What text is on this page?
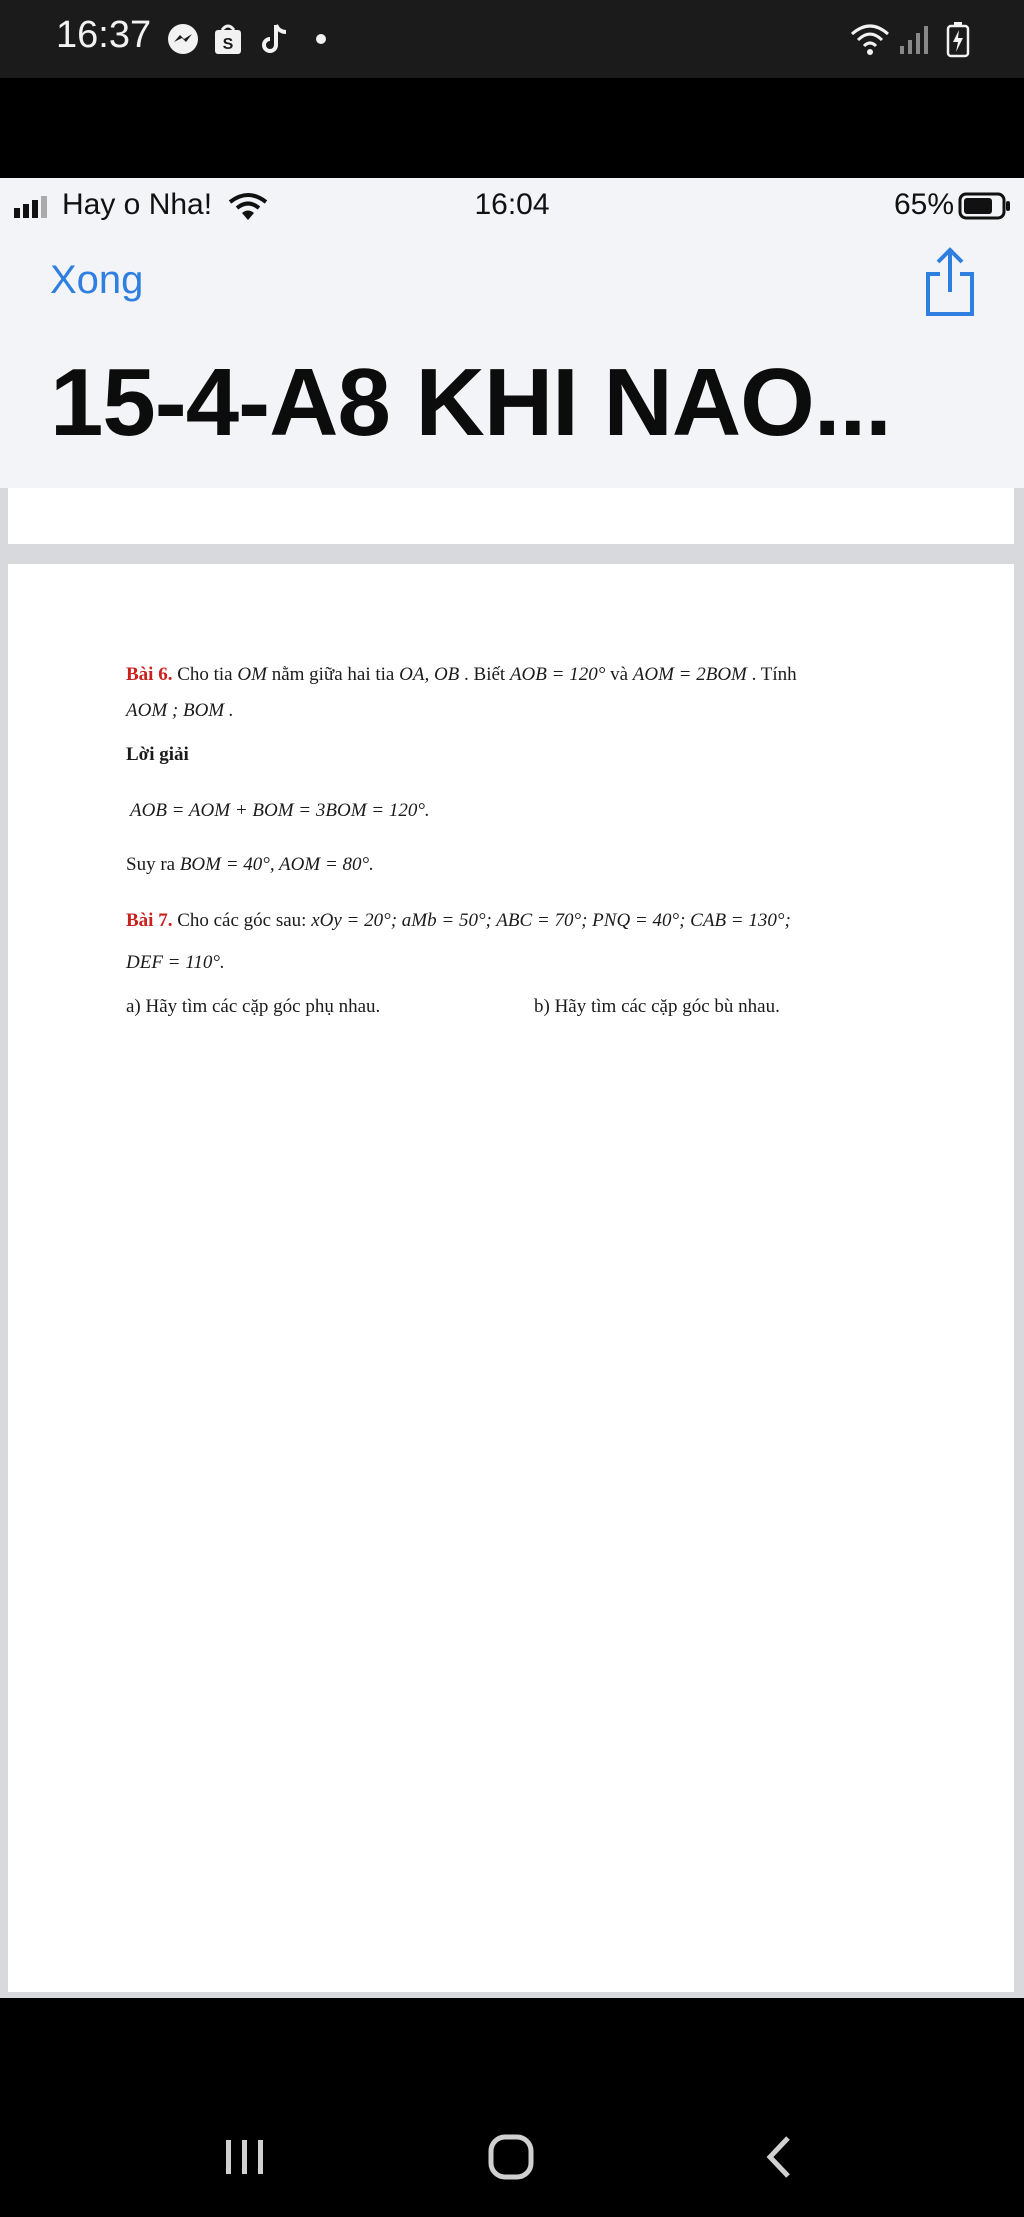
16:37	S
Hay o Nha!	16:04	65%
Xong
15-4-A8 KHI NAO...
Bài 6. Cho tia OM nằm giữa hai tia OA, OB . Biết AOB = 120° và AOM = 2BOM . Tính
AOM ; BOM .
Lời giải
AOB = AOM + BOM = 3BOM = 120°.
Suy ra BOM = 40°, AOM = 80°.
Bài 7. Cho các góc sau: xOy = 20°; aMb = 50°; ABC = 70°; PNQ = 40°; CAB = 130°;
DEF = 110°.
a) Hãy tìm các cặp góc phụ nhau.	b) Hãy tìm các cặp góc bù nhau.
